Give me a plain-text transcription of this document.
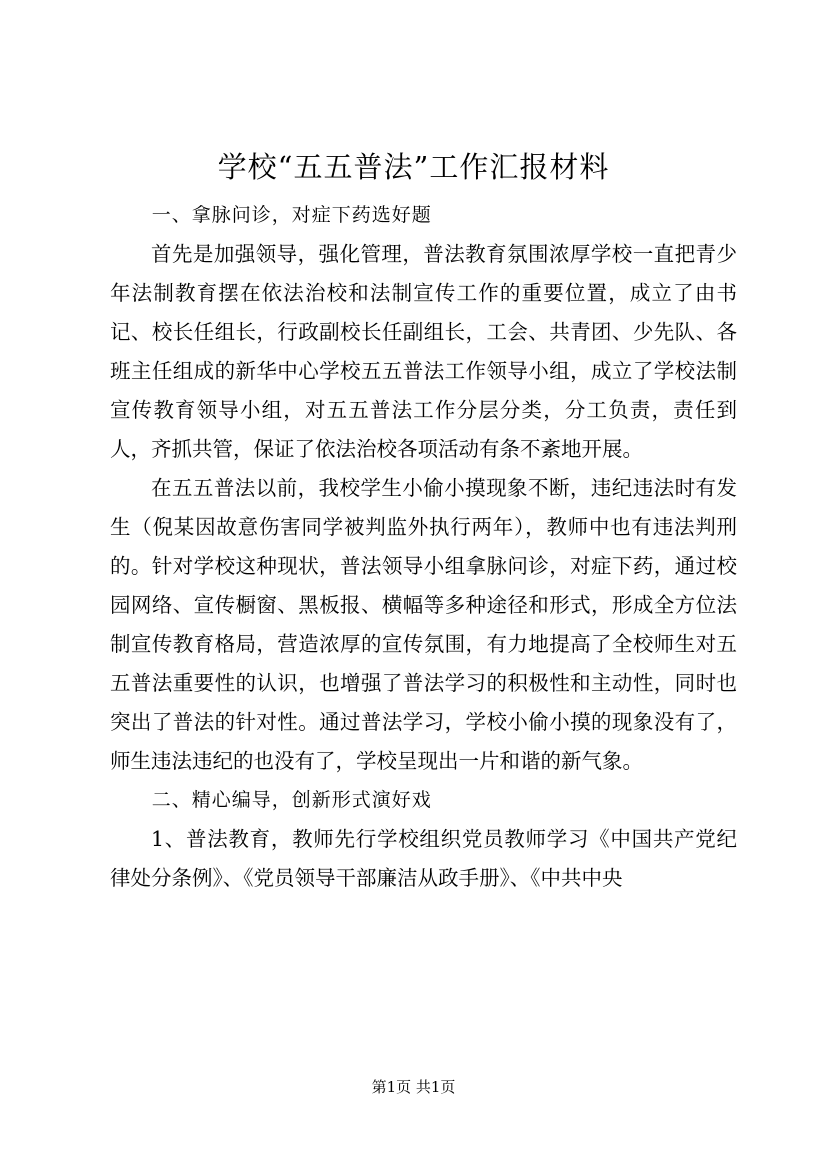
学校“五五普法”工作汇报材料

一、拿脉问诊，对症下药选好题

首先是加强领导，强化管理，普法教育氛围浓厚学校一直把青少年法制教育摆在依法治校和法制宣传工作的重要位置，成立了由书记、校长任组长，行政副校长任副组长，工会、共青团、少先队、各班主任组成的新华中心学校五五普法工作领导小组，成立了学校法制宣传教育领导小组，对五五普法工作分层分类，分工负责，责任到人，齐抓共管，保证了依法治校各项活动有条不紊地开展。

在五五普法以前，我校学生小偷小摸现象不断，违纪违法时有发生（倪某因故意伤害同学被判监外执行两年），教师中也有违法判刑的。针对学校这种现状，普法领导小组拿脉问诊，对症下药，通过校园网络、宣传橱窗、黑板报、横幅等多种途径和形式，形成全方位法制宣传教育格局，营造浓厚的宣传氛围，有力地提高了全校师生对五五普法重要性的认识，也增强了普法学习的积极性和主动性，同时也突出了普法的针对性。通过普法学习，学校小偷小摸的现象没有了，师生违法违纪的也没有了，学校呈现出一片和谐的新气象。

二、精心编导，创新形式演好戏

1、普法教育，教师先行学校组织党员教师学习《中国共产党纪律处分条例》、《党员领导干部廉洁从政手册》、《中共中央

第1页 共1页
